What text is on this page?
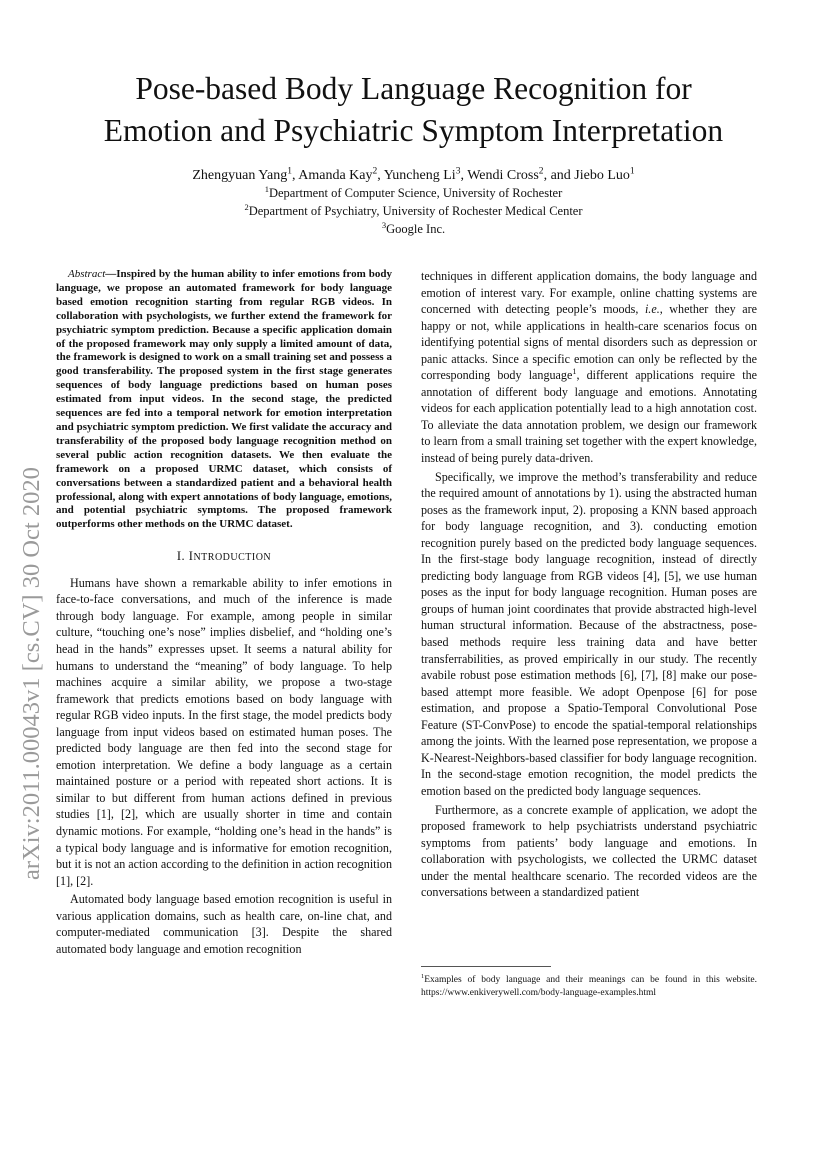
arXiv:2011.00043v1 [cs.CV] 30 Oct 2020
Pose-based Body Language Recognition for
Emotion and Psychiatric Symptom Interpretation
Zhengyuan Yang$^1$, Amanda Kay$^2$, Yuncheng Li$^3$, Wendi Cross$^2$, and Jiebo Luo$^1$
$^1$Department of Computer Science, University of Rochester
$^2$Department of Psychiatry, University of Rochester Medical Center
$^3$Google Inc.

Abstract—Inspired by the human ability to infer emotions from body language, we propose an automated framework for body language based emotion recognition starting from regular RGB videos. In collaboration with psychologists, we further extend the framework for psychiatric symptom prediction. Because a specific application domain of the proposed framework may only supply a limited amount of data, the framework is designed to work on a small training set and possess a good transferability. The proposed system in the first stage generates sequences of body language predictions based on human poses estimated from input videos. In the second stage, the predicted sequences are fed into a temporal network for emotion interpretation and psychiatric symptom prediction. We first validate the accuracy and transferability of the proposed body language recognition method on several public action recognition datasets. We then evaluate the framework on a proposed URMC dataset, which consists of conversations between a standardized patient and a behavioral health professional, along with expert annotations of body language, emotions, and potential psychiatric symptoms. The proposed framework outperforms other methods on the URMC dataset.

I. INTRODUCTION

Humans have shown a remarkable ability to infer emotions in face-to-face conversations, and much of the inference is made through body language. For example, among people in similar culture, “touching one’s nose” implies disbelief, and “holding one’s head in the hands” expresses upset. It seems a natural ability for humans to understand the “meaning” of body language. To help machines acquire a similar ability, we propose a two-stage framework that predicts emotions based on body language with regular RGB video inputs. In the first stage, the model predicts body language from input videos based on estimated human poses. The predicted body language are then fed into the second stage for emotion interpretation. We define a body language as a certain maintained posture or a period with repeated short actions. It is similar to but different from human actions defined in previous studies [1], [2], which are usually shorter in time and contain dynamic motions. For example, “holding one’s head in the hands” is a typical body language and is informative for emotion recognition, but it is not an action according to the definition in action recognition [1], [2].

Automated body language based emotion recognition is useful in various application domains, such as health care, on-line chat, and computer-mediated communication [3]. Despite the shared automated body language and emotion recognition

techniques in different application domains, the body language and emotion of interest vary. For example, online chatting systems are concerned with detecting people’s moods, i.e., whether they are happy or not, while applications in health-care scenarios focus on identifying potential signs of mental disorders such as depression or panic attacks. Since a specific emotion can only be reflected by the corresponding body language$^1$, different applications require the annotation of different body language and emotions. Annotating videos for each application potentially lead to a high annotation cost. To alleviate the data annotation problem, we design our framework to learn from a small training set together with the expert knowledge, instead of being purely data-driven.

Specifically, we improve the method’s transferability and reduce the required amount of annotations by 1). using the abstracted human poses as the framework input, 2). proposing a KNN based approach for body language recognition, and 3). conducting emotion recognition purely based on the predicted body language sequences. In the first-stage body language recognition, instead of directly predicting body language from RGB videos [4], [5], we use human poses as the input for body language recognition. Human poses are groups of human joint coordinates that provide abstracted high-level human structural information. Because of the abstractness, pose-based methods require less training data and have better transferrabilities, as proved empirically in our study. The recently avabile robust pose estimation methods [6], [7], [8] make our pose-based attempt more feasible. We adopt Openpose [6] for pose estimation, and propose a Spatio-Temporal Convolutional Pose Feature (ST-ConvPose) to encode the spatial-temporal relationships among the joints. With the learned pose representation, we propose a K-Nearest-Neighbors-based classifier for body language recognition. In the second-stage emotion recognition, the model predicts the emotion based on the predicted body language sequences.

Furthermore, as a concrete example of application, we adopt the proposed framework to help psychiatrists understand psychiatric symptoms from patients’ body language and emotions. In collaboration with psychologists, we collected the URMC dataset under the mental healthcare scenario. The recorded videos are the conversations between a standardized patient

$^1$Examples of body language and their meanings can be found in this website. https://www.enkiverywell.com/body-language-examples.html
